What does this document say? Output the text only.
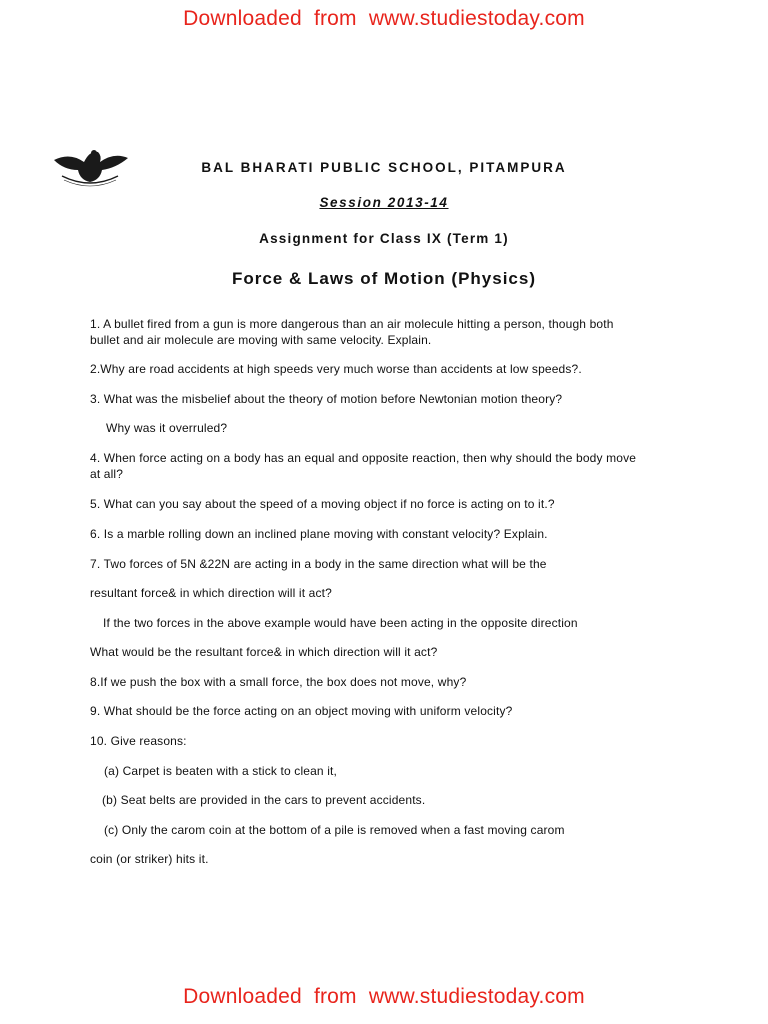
Downloaded  from  www.studiestoday.com
BAL BHARATI PUBLIC SCHOOL, PITAMPURA
Session 2013-14
Assignment for Class IX (Term 1)
Force & Laws of Motion (Physics)
1. A bullet fired from a gun is more dangerous than an air molecule hitting a person, though both
bullet and air molecule are moving with same velocity. Explain.
2.Why are road accidents at high speeds very much worse than accidents at low speeds?.
3. What was the misbelief about the theory of motion before Newtonian motion theory?
Why was it overruled?
4. When force acting on a body has an equal and opposite reaction, then why should the body move
at all?
5. What can you say about the speed of a moving object if no force is acting on to it.?
6. Is a marble rolling down an inclined plane moving with constant velocity? Explain.
7. Two forces of 5N &22N are acting in a body in the same direction what will be the
resultant force& in which direction will it act?
If the two forces in the above example would have been acting in the opposite direction
What would be the resultant force& in which direction will it act?
8.If we push the box with a small force, the box does not move, why?
9. What should be the force acting on an object moving with uniform velocity?
10. Give reasons:
(a) Carpet is beaten with a stick to clean it,
(b) Seat belts are provided in the cars to prevent accidents.
(c) Only the carom coin at the bottom of a pile is removed when a fast moving carom
coin (or striker) hits it.
Downloaded  from  www.studiestoday.com
